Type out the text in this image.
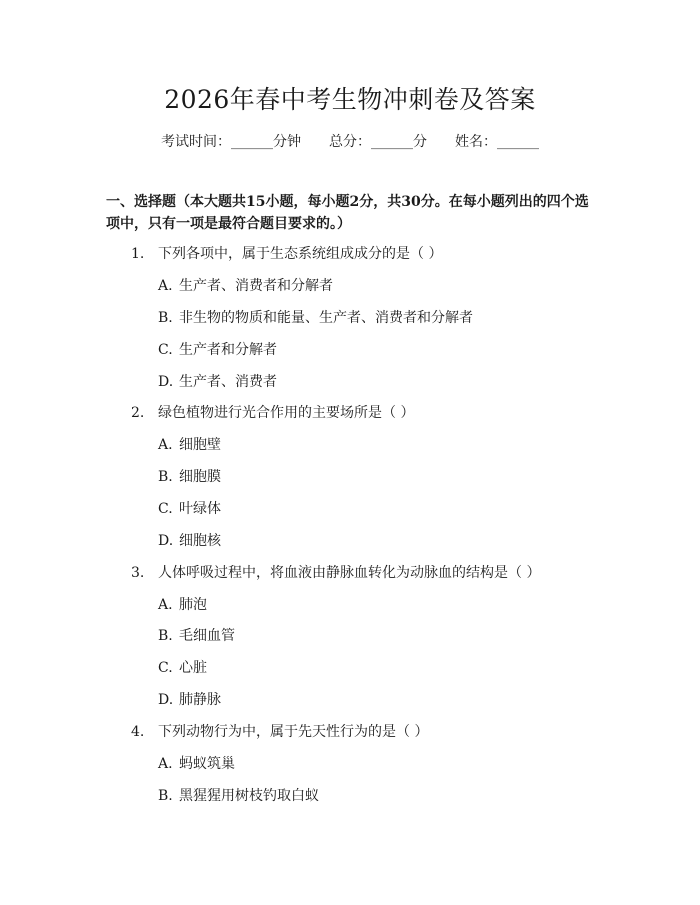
2026年春中考生物冲刺卷及答案
考试时间：______分钟 总分：______分 姓名：______
一、选择题（本大题共15小题，每小题2分，共30分。在每小题列出的四个选项中，只有一项是最符合题目要求的。）
1. 下列各项中，属于生态系统组成成分的是（ ）
A. 生产者、消费者和分解者
B. 非生物的物质和能量、生产者、消费者和分解者
C. 生产者和分解者
D. 生产者、消费者
2. 绿色植物进行光合作用的主要场所是（ ）
A. 细胞壁
B. 细胞膜
C. 叶绿体
D. 细胞核
3. 人体呼吸过程中，将血液由静脉血转化为动脉血的结构是（ ）
A. 肺泡
B. 毛细血管
C. 心脏
D. 肺静脉
4. 下列动物行为中，属于先天性行为的是（ ）
A. 蚂蚁筑巢
B. 黑猩猩用树枝钓取白蚁
